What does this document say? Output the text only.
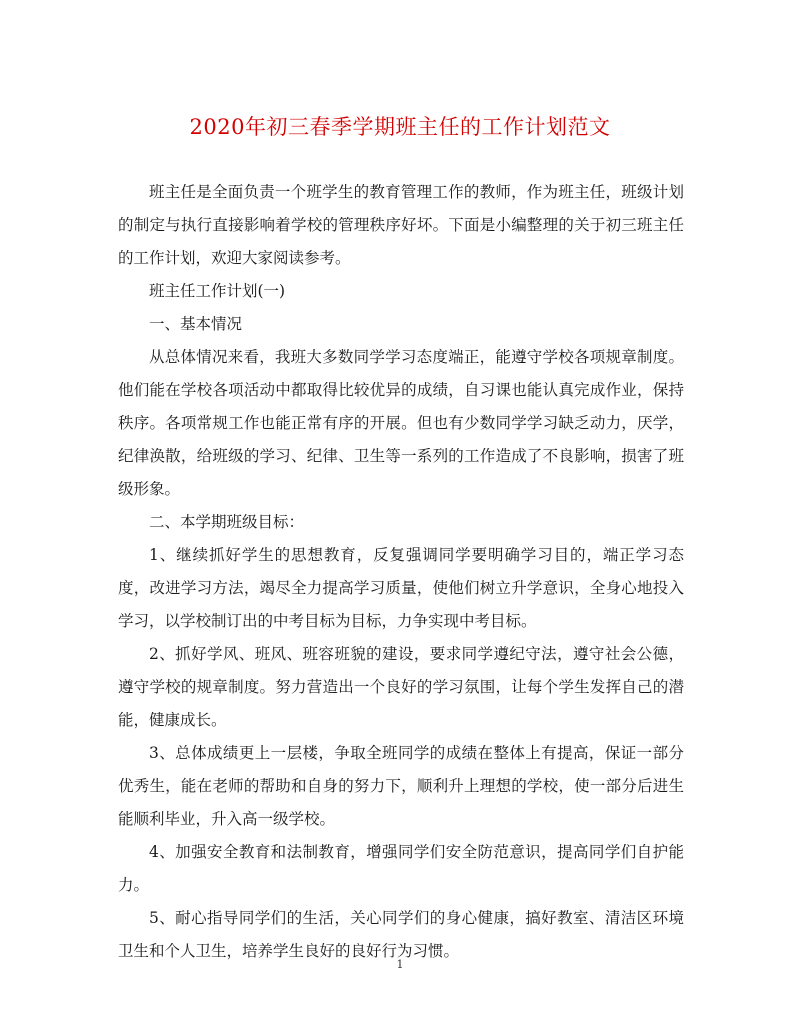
2020年初三春季学期班主任的工作计划范文

班主任是全面负责一个班学生的教育管理工作的教师，作为班主任，班级计划的制定与执行直接影响着学校的管理秩序好坏。下面是小编整理的关于初三班主任的工作计划，欢迎大家阅读参考。

班主任工作计划(一)

一、基本情况

从总体情况来看，我班大多数同学学习态度端正，能遵守学校各项规章制度。他们能在学校各项活动中都取得比较优异的成绩，自习课也能认真完成作业，保持秩序。各项常规工作也能正常有序的开展。但也有少数同学学习缺乏动力，厌学，纪律涣散，给班级的学习、纪律、卫生等一系列的工作造成了不良影响，损害了班级形象。

二、本学期班级目标：

1、继续抓好学生的思想教育，反复强调同学要明确学习目的，端正学习态度，改进学习方法，竭尽全力提高学习质量，使他们树立升学意识，全身心地投入学习，以学校制订出的中考目标为目标，力争实现中考目标。

2、抓好学风、班风、班容班貌的建设，要求同学遵纪守法，遵守社会公德，遵守学校的规章制度。努力营造出一个良好的学习氛围，让每个学生发挥自己的潜能，健康成长。

3、总体成绩更上一层楼，争取全班同学的成绩在整体上有提高，保证一部分优秀生，能在老师的帮助和自身的努力下，顺利升上理想的学校，使一部分后进生能顺利毕业，升入高一级学校。

4、加强安全教育和法制教育，增强同学们安全防范意识，提高同学们自护能力。

5、耐心指导同学们的生活，关心同学们的身心健康，搞好教室、清洁区环境卫生和个人卫生，培养学生良好的良好行为习惯。

1
